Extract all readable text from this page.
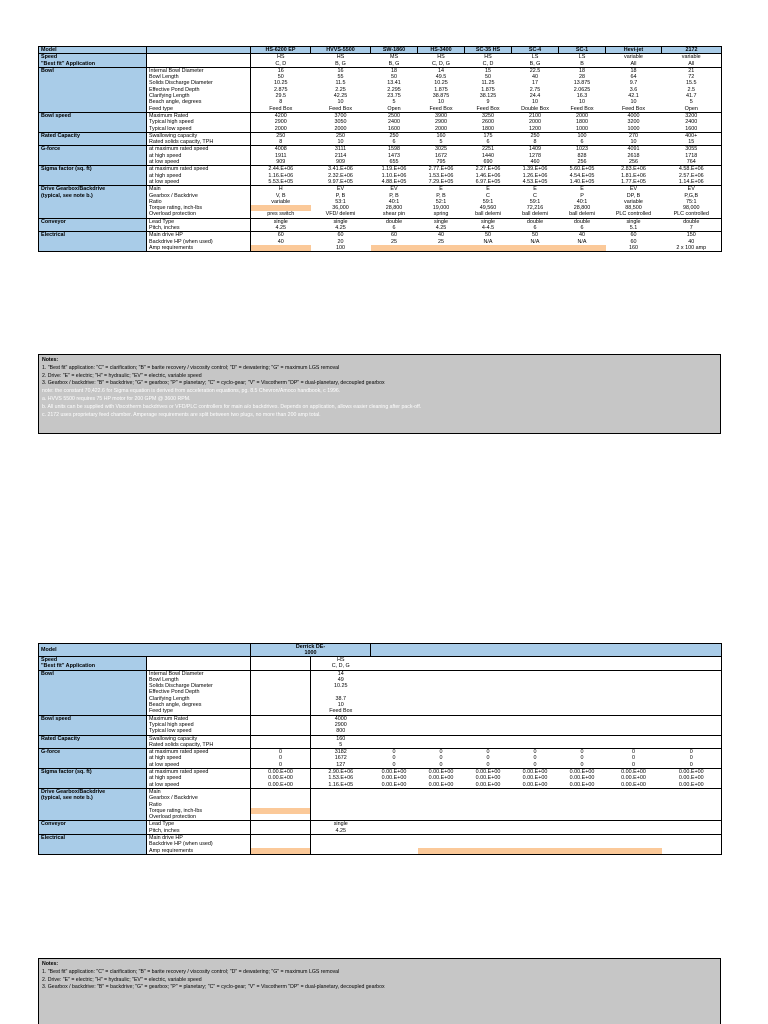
Model		HS-6200 EP	HVVS-5500	SW-1860	HS-3400	SC-35 HS	SC-4	SC-1	Hevi-jet	2172
Speed		HS	HS	MS	HS	HS	LS	LS	variable	variable
"Best fit" Application		C, D	B, G	B, G	C, D, G	C, D	B, G	B	All	All
Bowl	Internal Bowl Diameter	16	16	18	14	15	22.5	18	18	21
	Bowl Length	50	55	50	49.5	50	40	28	64	72
	Solids Discharge Diameter	10.25	11.5	13.41	10.25	11.25	17	13.875	9.7	15.5
	Effective Pond Depth	2.875	2.25	2.295	1.875	1.875	2.75	2.0625	3.6	2.5
	Clarifying Length	29.5	42.25	23.75	38.875	38.125	24.4	16.3	42.1	41.7
	Beach angle, degrees	8	10	5	10	9	10	10	10	5
	Feed type	Feed Box	Feed Box	Open	Feed Box	Feed Box	Double Box	Feed Box	Feed Box	Open
Bowl speed	Maximum Rated	4200	3700	2500	3900	3250	2100	2000	4000	3200
	Typical high speed	2900	3050	2400	2900	2600	2000	1800	3200	2400
	Typical low speed	2000	2000	1600	2000	1800	1200	1000	1000	1600
Rated Capacity	Swallowing capacity	250	250	250	160	175	250	100	270	400+
	Rated solids capacity, TPH	8	10	6	5	6	8	6	10	15
G-force	at maximum rated speed	4008	3111	1598	3025	2251	1409	1023	4091	3055
	at high speed	1911	2114	1473	1672	1440	1278	828	2618	1718
	at low speed	909	909	655	795	690	460	256	256	764
Sigma factor (sq. ft)	at maximum rated speed	2.44.E+06	3.41.E+06	1.19.E+06	2.77.E+06	2.27.E+06	1.39.E+06	5.60.E+05	2.83.E+06	4.58.E+06
	at high speed	1.16.E+06	2.32.E+06	1.10.E+06	1.53.E+06	1.46.E+06	1.26.E+06	4.54.E+05	1.81.E+06	2.57.E+06
	at low speed	5.53.E+05	9.97.E+05	4.88.E+05	7.29.E+05	6.97.E+05	4.53.E+05	1.40.E+05	1.77.E+05	1.14.E+06
Drive Gearbox/Backdrive	Main	H	EV	EV	E	E	E	E	EV	EV
(typical, see note b.)	Gearbox / Backdrive	V, B	P, B	P, B	P, B	C	C	P	DP, B	P,G,B
	Ratio	variable	53:1	40:1	52:1	59:1	59:1	40:1	variable	75:1
	Torque rating, inch-lbs		36,000	28,800	19,000	49,560	72,216	28,800	88,500	98,000
	Overload protection	pres switch	VFD/ delemi	shear pin	spring	ball delemi	ball delemi	ball delemi	PLC controlled	PLC controlled
Conveyor	Lead Type	single	single	double	single	single	double	double	single	double
	Pitch, inches	4.25	4.25	6	4.25	4-4.5	6	6	5.1	7
Electrical	Main drive HP	60	60	60	40	50	50	40	60	150
	Backdrive HP (when used)	40	20	25	25	N/A	N/A	N/A	60	40
	Amp requirements		100						160	2 x 100 amp
Notes:
1. "Best fit" application: "C" = clarification; "B" = barite recovery / viscosity control; "D" = dewatering; "G" = maximum LGS removal
2. Drive: "E" = electric; "H" = hydraulic; "EV" = electric, variable speed
3. Gearbox / backdrive: "B" = backdrive; "G" = gearbox; "P" = planetary; "C" = cyclo-gear; "V" = Viscotherm "DP" = dual-planetary, decoupled gearbox
note: the constant 70,422.6 for Sigma equation is derived from acceleration equations, pg. 8.5 Chevron/Amoco handbook, c 1996.
a. HVVS 5500 requires 75 HP motor for 200 GPM @ 3600 RPM.
b. All units can be supplied with Viscotherm backdrives or VFD/PLC controllers for main a/o backdrives. Depends on application, allows easier cleaning after pack-off.
c. 2172 uses proprietary feed chamber. Amperage requirements are split between two plugs, no more than 200 amp total.
Model		Derrick DE-
1000								
Speed			HS							
"Best fit" Application			C, D, G							
Bowl	Internal Bowl Diameter		14							
	Bowl Length		49							
	Solids Discharge Diameter		10.25							
	Effective Pond Depth									
	Clarifying Length		38.7							
	Beach angle, degrees		10							
	Feed type		Feed Box							
Bowl speed	Maximum Rated		4000							
	Typical high speed		2900							
	Typical low speed		800							
Rated Capacity	Swallowing capacity		160							
	Rated solids capacity, TPH		5							
G-force	at maximum rated speed	0	3182	0	0	0	0	0	0	0
	at high speed	0	1672	0	0	0	0	0	0	0
	at low speed	0	127	0	0	0	0	0	0	0
Sigma factor (sq. ft)	at maximum rated speed	0.00.E+00	2.90.E+06	0.00.E+00	0.00.E+00	0.00.E+00	0.00.E+00	0.00.E+00	0.00.E+00	0.00.E+00
	at high speed	0.00.E+00	1.53.E+06	0.00.E+00	0.00.E+00	0.00.E+00	0.00.E+00	0.00.E+00	0.00.E+00	0.00.E+00
	at low speed	0.00.E+00	1.16.E+05	0.00.E+00	0.00.E+00	0.00.E+00	0.00.E+00	0.00.E+00	0.00.E+00	0.00.E+00
Drive Gearbox/Backdrive	Main									
(typical, see note b.)	Gearbox / Backdrive									
	Ratio									
	Torque rating, inch-lbs									
	Overload protection									
Conveyor	Lead Type		single							
	Pitch, inches		4.25							
Electrical	Main drive HP									
	Backdrive HP (when used)									
	Amp requirements									
Notes:
1. "Best fit" application: "C" = clarification; "B" = barite recovery / viscosity control; "D" = dewatering; "G" = maximum LGS removal
2. Drive: "E" = electric; "H" = hydraulic; "EV" = electric, variable speed
3. Gearbox / backdrive: "B" = backdrive; "G" = gearbox; "P" = planetary; "C" = cyclo-gear; "V" = Viscotherm "DP" = dual-planetary, decoupled gearbox
